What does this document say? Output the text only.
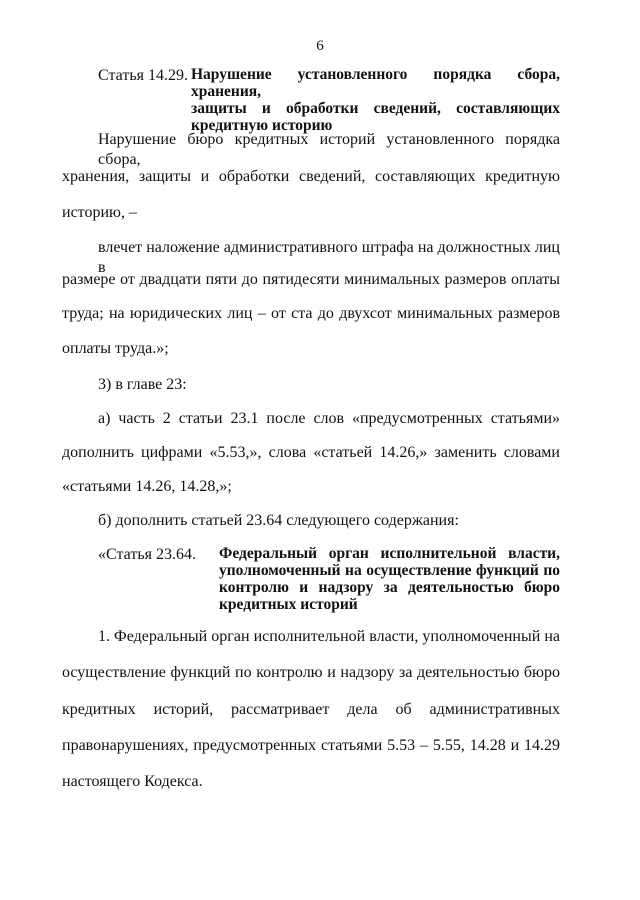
6
Статья 14.29. Нарушение установленного порядка сбора, хранения,
защиты и обработки сведений, составляющих
кредитную историю
Нарушение бюро кредитных историй установленного порядка сбора,
хранения, защиты и обработки сведений, составляющих кредитную
историю, –
влечет наложение административного штрафа на должностных лиц в
размере от двадцати пяти до пятидесяти минимальных размеров оплаты
труда; на юридических лиц – от ста до двухсот минимальных размеров
оплаты труда.»;
3) в главе 23:
а) часть 2 статьи 23.1 после слов «предусмотренных статьями»
дополнить цифрами «5.53,», слова «статьей 14.26,» заменить словами
«статьями 14.26, 14.28,»;
б) дополнить статьей 23.64 следующего содержания:
«Статья 23.64. Федеральный орган исполнительной власти,
уполномоченный на осуществление функций по
контролю и надзору за деятельностью бюро
кредитных историй
1. Федеральный орган исполнительной власти, уполномоченный на
осуществление функций по контролю и надзору за деятельностью бюро
кредитных историй, рассматривает дела об административных
правонарушениях, предусмотренных статьями 5.53 – 5.55, 14.28 и 14.29
настоящего Кодекса.
